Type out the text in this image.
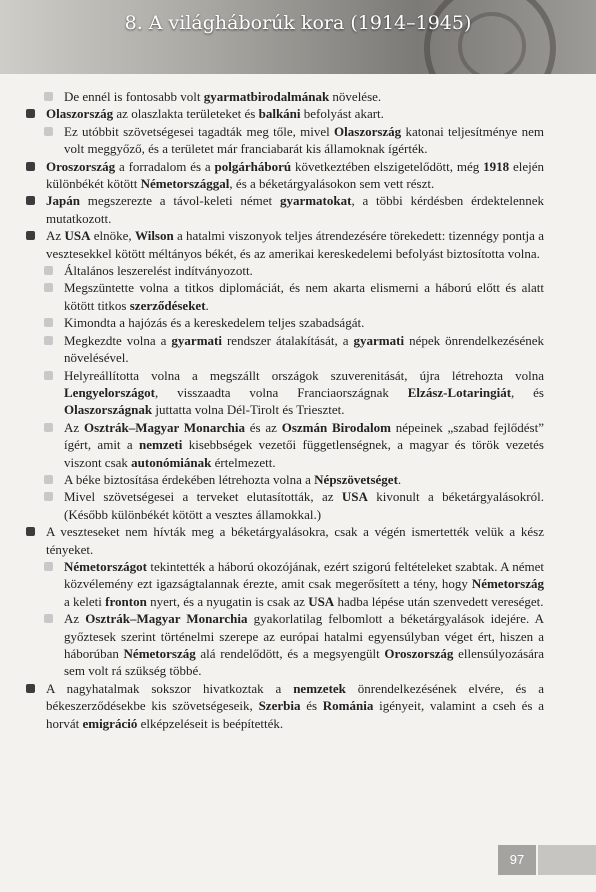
8. A világháborúk kora (1914–1945)

De ennél is fontosabb volt gyarmatbirodalmának növelése.

Olaszország az olaszlakta területeket és balkáni befolyást akart.

Ez utóbbit szövetségesei tagadták meg tőle, mivel Olaszország katonai teljesítménye nem volt meggyőző, és a területet már franciabarát kis államoknak ígérték.

Oroszország a forradalom és a polgárháború következtében elszigetelődött, még 1918 elején különbékét kötött Németországgal, és a béketárgyalásokon sem vett részt.

Japán megszerezte a távol-keleti német gyarmatokat, a többi kérdésben érdektelennek mutatkozott.

Az USA elnöke, Wilson a hatalmi viszonyok teljes átrendezésére törekedett: tizennégy pontja a vesztesekkel kötött méltányos békét, és az amerikai kereskedelemi befolyást biztosította volna.

Általános leszerelést indítványozott.

Megszüntette volna a titkos diplomáciát, és nem akarta elismerni a háború előtt és alatt kötött titkos szerződéseket.

Kimondta a hajózás és a kereskedelem teljes szabadságát.

Megkezdte volna a gyarmati rendszer átalakítását, a gyarmati népek önrendelkezésének növelésével.

Helyreállította volna a megszállt országok szuverenitását, újra létrehozta volna Lengyelországot, visszaadta volna Franciaországnak Elzász-Lotaringiát, és Olaszországnak juttatta volna Dél-Tirolt és Triesztet.

Az Osztrák–Magyar Monarchia és az Oszmán Birodalom népeinek „szabad fejlődést” ígért, amit a nemzeti kisebbségek vezetői függetlenségnek, a magyar és török vezetés viszont csak autonómiának értelmezett.

A béke biztosítása érdekében létrehozta volna a Népszövetséget.

Mivel szövetségesei a terveket elutasították, az USA kivonult a béketárgyalásokról. (Később különbékét kötött a vesztes államokkal.)

A veszteseket nem hívták meg a béketárgyalásokra, csak a végén ismertették velük a kész tényeket.

Németországot tekintették a háború okozójának, ezért szigorú feltételeket szabtak. A német közvélemény ezt igazságtalannak érezte, amit csak megerősített a tény, hogy Németország a keleti fronton nyert, és a nyugatin is csak az USA hadba lépése után szenvedett vereséget.

Az Osztrák–Magyar Monarchia gyakorlatilag felbomlott a béketárgyalások idejére. A győztesek szerint történelmi szerepe az európai hatalmi egyensúlyban véget ért, hiszen a háborúban Németország alá rendelődött, és a megsyengült Oroszország ellensúlyozására sem volt rá szükség többé.

A nagyhatalmak sokszor hivatkoztak a nemzetek önrendelkezésének elvére, és a békeszerződésekbe kis szövetségeseik, Szerbia és Románia igényeit, valamint a cseh és a horvát emigráció elképzeléseit is beépítették.

97
